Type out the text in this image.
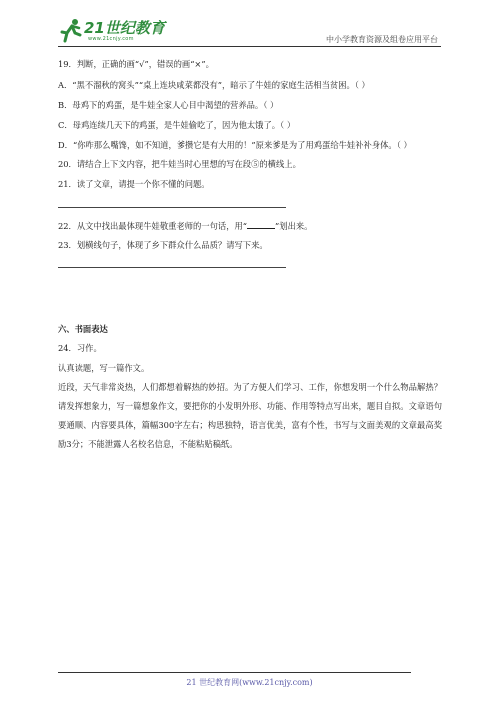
21世纪教育
www.21cnjy.com	中小学教育资源及组卷应用平台
19．判断，正确的画“√”，错误的画“×”。
A．“黑不溜秋的窝头”“桌上连块咸菜都没有”，暗示了牛娃的家庭生活相当贫困。（ ）
B．母鸡下的鸡蛋，是牛娃全家人心目中渴望的营养品。（ ）
C．母鸡连续几天下的鸡蛋，是牛娃偷吃了，因为他太饿了。（ ）
D．“你咋那么嘴馋，如不知道，爹攒它是有大用的！”原来爹是为了用鸡蛋给牛娃补补身体。（ ）
20．请结合上下文内容，把牛娃当时心里想的写在段⑤的横线上。
21．读了文章，请提一个你不懂的问题。
22．从文中找出最体现牛娃敬重老师的一句话，用“	”划出来。
23．划横线句子，体现了乡下群众什么品质？请写下来。
六、书面表达
24．习作。
认真读题，写一篇作文。
近段，天气非常炎热，人们都想着解热的妙招。为了方便人们学习、工作，你想发明一个什么物品解热？请发挥想象力，写一篇想象作文，要把你的小发明外形、功能、作用等特点写出来，题目自拟。文章语句要通顺、内容要具体，篇幅300字左右；构思独特，语言优美，富有个性，书写与文面美观的文章最高奖励3分；不能泄露人名校名信息，不能粘贴稿纸。
21 世纪教育网(www.21cnjy.com)
